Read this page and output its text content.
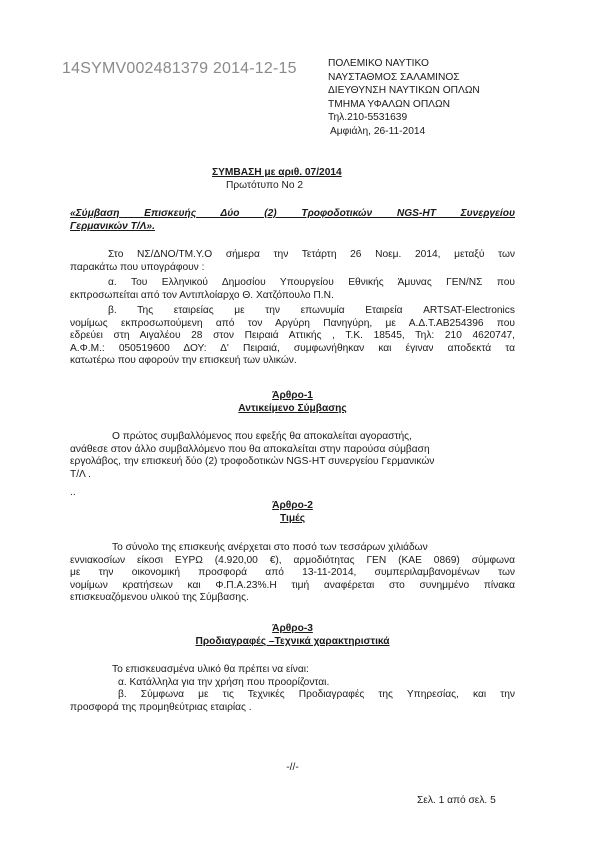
14SYMV002481379 2014-12-15	ΠΟΛΕΜΙΚΟ ΝΑΥΤΙΚΟ
ΝΑΥΣΤΑΘΜΟΣ ΣΑΛΑΜΙΝΟΣ
ΔΙΕΥΘΥΝΣΗ ΝΑΥΤΙΚΩΝ ΟΠΛΩΝ
ΤΜΗΜΑ ΥΦΑΛΩΝ ΟΠΛΩΝ
Τηλ.210-5531639
Αμφιάλη, 26-11-2014
ΣΥΜΒΑΣΗ με αριθ. 07/2014
Πρωτότυπο Νο 2
«Σύμβαση Επισκευής Δύο (2) Τροφοδοτικών NGS-HT Συνεργείου
Γερμανικών Τ/Λ».
Στο ΝΣ/ΔΝΟ/ΤΜ.Υ.Ο σήμερα την Τετάρτη 26 Νοεμ. 2014, μεταξύ των
παρακάτω που υπογράφουν :
α. Του Ελληνικού Δημοσίου Υπουργείου Εθνικής Άμυνας ΓΕΝ/ΝΣ που
εκπροσωπείται από τον Αντιπλοίαρχο Θ. Χατζόπουλο Π.Ν.
β. Της εταιρείας με την επωνυμία Εταιρεία ARTSAT-Electronics
νομίμως εκπροσωπούμενη από τον Αργύρη Πανηγύρη, με Α.Δ.Τ.ΑΒ254396 που
εδρεύει στη Αιγαλέου 28 στον Πειραιά Αττικής , Τ.Κ. 18545, Τηλ: 210 4620747,
Α.Φ.Μ.: 050519600 ΔΟΥ: Δ' Πειραιά, συμφωνήθηκαν και έγιναν αποδεκτά τα
κατωτέρω που αφορούν την επισκευή των υλικών.
Άρθρο-1
Αντικείμενο Σύμβασης
Ο πρώτος συμβαλλόμενος που εφεξής θα αποκαλείται αγοραστής,
ανάθεσε στον άλλο συμβαλλόμενο που θα αποκαλείται στην παρούσα σύμβαση
εργολάβος, την επισκευή δύο (2) τροφοδοτικών NGS-HT συνεργείου Γερμανικών
Τ/Λ .
..
Άρθρο-2
Τιμές
Το σύνολο της επισκευής ανέρχεται στο ποσό των τεσσάρων χιλιάδων
εννιακοσίων είκοσι ΕΥΡΩ (4.920,00 €), αρμοδιότητας ΓΕΝ (ΚΑΕ 0869) σύμφωνα
με την οικονομική προσφορά από 13-11-2014, συμπεριλαμβανομένων των
νομίμων κρατήσεων και Φ.Π.Α.23%.Η τιμή αναφέρεται στο συνημμένο πίνακα
επισκευαζόμενου υλικού της Σύμβασης.
Άρθρο-3
Προδιαγραφές –Τεχνικά χαρακτηριστικά
Το επισκευασμένα υλικό θα πρέπει να είναι:
α. Κατάλληλα για την χρήση που προορίζονται.
β. Σύμφωνα με τις Τεχνικές Προδιαγραφές της Υπηρεσίας, και την
προσφορά της προμηθεύτριας εταιρίας .
-//-
Σελ. 1 από σελ. 5
